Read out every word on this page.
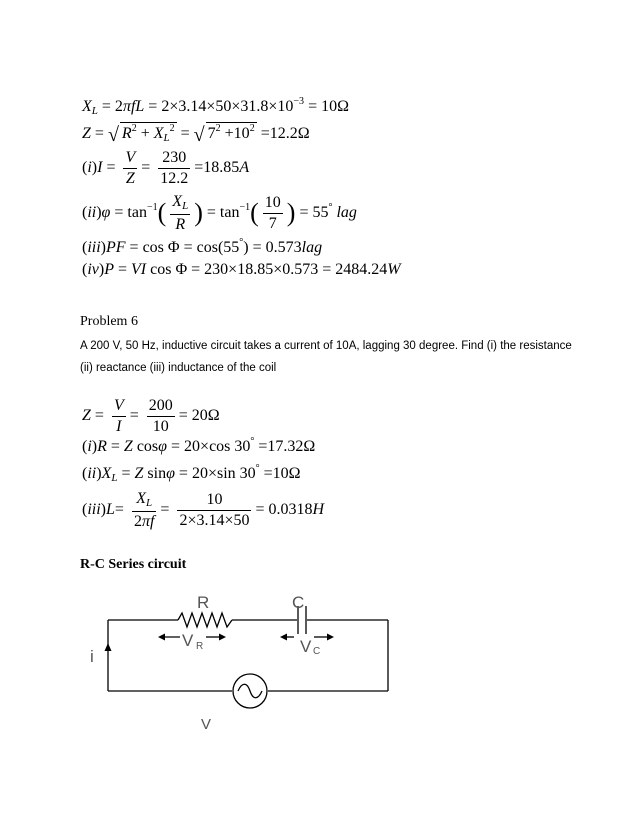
$X_L = 2\pi fL = 2\times 3.14\times 50\times 31.8\times 10^{-3} = 10\Omega$
Z = √ $R^2 + X_L^2$ = √ $7^2 +10^2 =12.2\Omega$
$(i)I = \frac{V}{Z} = \frac{230}{12.2} =18.85A$
$(ii)\varphi = \tan^{-1}( \frac{X_L}{R}$ ) = $\tan^{-1}( \frac{10}{7}$ ) = 55° lag
(iii)PF = cos Φ = cos(55°) = 0.573lag
(iv)P = VI cos Φ = 230×18.85×0.573 = 2484.24W
Problem 6
A 200 V, 50 Hz, inductive circuit takes a current of 10A, lagging 30 degree. Find (i) the resistance
(ii) reactance (iii) inductance of the coil
$Z = \frac{V}{I} = \frac{200}{10} = 20\Omega$
(i)R = Z cosφ = 20×cos 30° =17.32Ω
$(ii)X_L = Z$ sinφ = 20×sin 30° =10Ω
$(iii)L= \frac{X_L}{2\pi f} = \frac{10}{2\times 3.14\times 50} = 0.0318H$
R-C Series circuit
R	C
V R	V C
i
V
